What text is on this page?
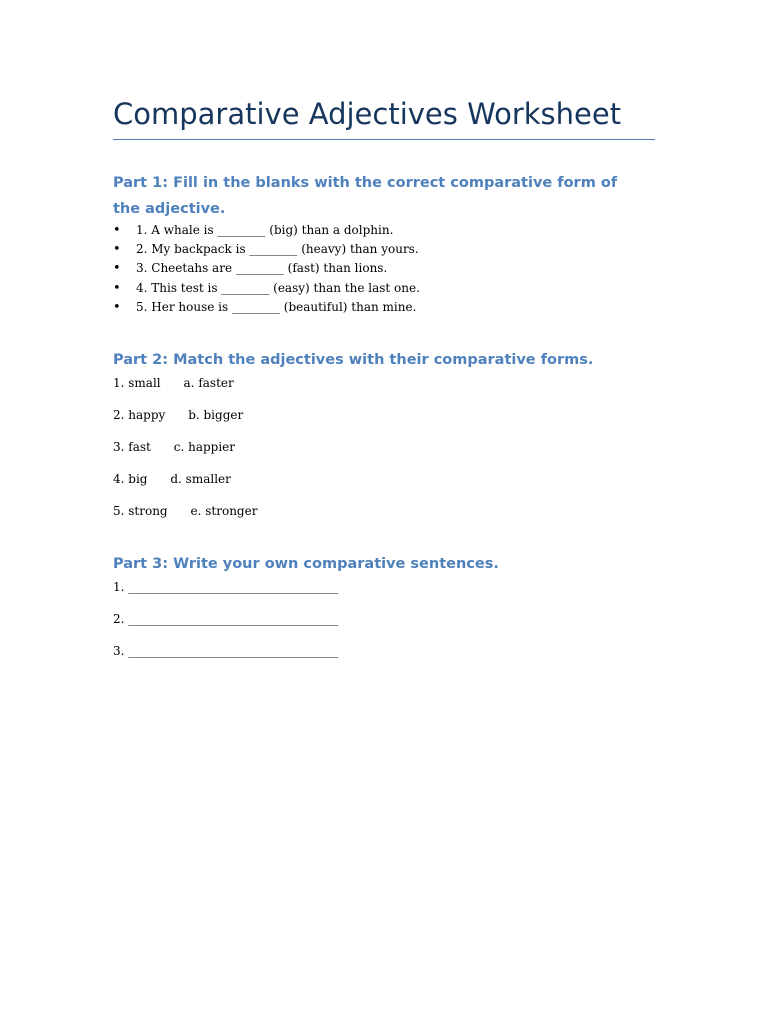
Comparative Adjectives Worksheet
Part 1: Fill in the blanks with the correct comparative form of the adjective.
• 1. A whale is ________ (big) than a dolphin.
• 2. My backpack is ________ (heavy) than yours.
• 3. Cheetahs are ________ (fast) than lions.
• 4. This test is ________ (easy) than the last one.
• 5. Her house is ________ (beautiful) than mine.
Part 2: Match the adjectives with their comparative forms.
1. small a. faster
2. happy b. bigger
3. fast c. happier
4. big d. smaller
5. strong e. stronger
Part 3: Write your own comparative sentences.
1. ___________________________________
2. ___________________________________
3. ___________________________________
